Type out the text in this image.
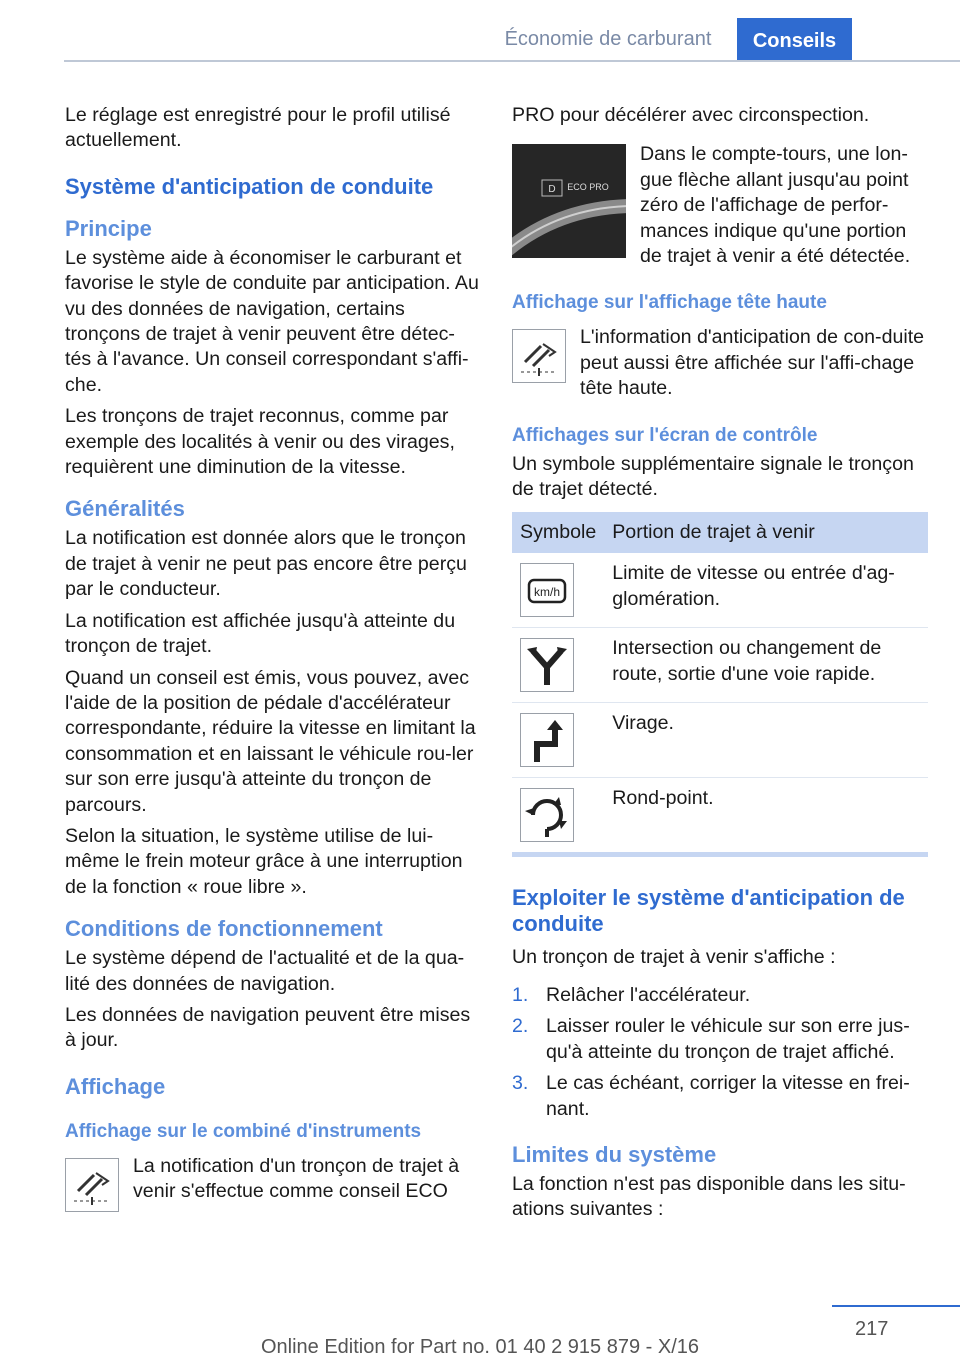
Économie de carburant	Conseils

Le réglage est enregistré pour le profil utilisé actuellement.

Système d'anticipation de conduite
Principe

Le système aide à économiser le carburant et favorise le style de conduite par anticipation. Au vu des données de navigation, certains tronçons de trajet à venir peuvent être détec-tés à l'avance. Un conseil correspondant s'affi-che.

Les tronçons de trajet reconnus, comme par exemple des localités à venir ou des virages, requièrent une diminution de la vitesse.

Généralités

La notification est donnée alors que le tronçon de trajet à venir ne peut pas encore être perçu par le conducteur.

La notification est affichée jusqu'à atteinte du tronçon de trajet.

Quand un conseil est émis, vous pouvez, avec l'aide de la position de pédale d'accélérateur correspondante, réduire la vitesse en limitant la consommation et en laissant le véhicule rou-ler sur son erre jusqu'à atteinte du tronçon de parcours.

Selon la situation, le système utilise de lui-même le frein moteur grâce à une interruption de la fonction « roue libre ».

Conditions de fonctionnement

Le système dépend de l'actualité et de la qua-lité des données de navigation.

Les données de navigation peuvent être mises à jour.

Affichage
Affichage sur le combiné d'instruments

La notification d'un tronçon de trajet à venir s'effectue comme conseil ECO

PRO pour décélérer avec circonspection.

D ECO PRO

Dans le compte-tours, une lon-gue flèche allant jusqu'au point zéro de l'affichage de perfor-mances indique qu'une portion de trajet à venir a été détectée.

Affichage sur l'affichage tête haute

L'information d'anticipation de con-duite peut aussi être affichée sur l'affi-chage tête haute.

Affichages sur l'écran de contrôle

Un symbole supplémentaire signale le tronçon de trajet détecté.

Symbole	Portion de trajet à venir

km/h	Limite de vitesse ou entrée d'ag-glomération.

	Intersection ou changement de route, sortie d'une voie rapide.

	Virage.

	Rond-point.
Exploiter le système d'anticipation de conduite

Un tronçon de trajet à venir s'affiche :

1. Relâcher l'accélérateur.
2. Laisser rouler le véhicule sur son erre jus-qu'à atteinte du tronçon de trajet affiché.
3. Le cas échéant, corriger la vitesse en frei-nant.
Limites du système

La fonction n'est pas disponible dans les situ-ations suivantes :

217
Online Edition for Part no. 01 40 2 915 879 - X/16
